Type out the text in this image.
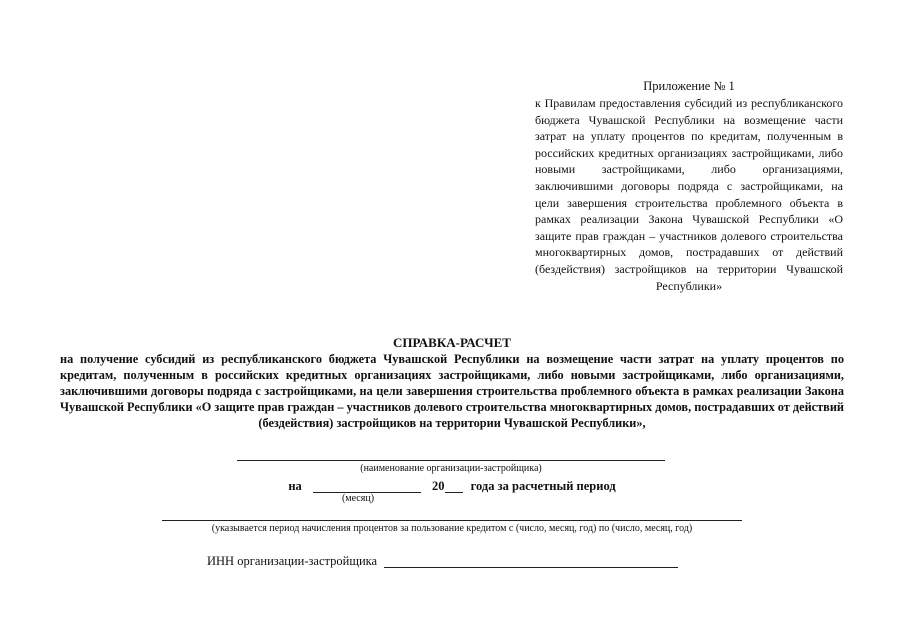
Приложение № 1
к Правилам предоставления субсидий из республиканского бюджета Чувашской Республики на возмещение части затрат на уплату процентов по кредитам, полученным в российских кредитных организациях застройщиками, либо новыми застройщиками, либо организациями, заключившими договоры подряда с застройщиками, на цели завершения строительства проблемного объекта в рамках реализации Закона Чувашской Республики «О защите прав граждан – участников долевого строительства многоквартирных домов, пострадавших от действий (бездействия) застройщиков на территории Чувашской Республики»
СПРАВКА-РАСЧЕТ
на получение субсидий из республиканского бюджета Чувашской Республики на возмещение части затрат на уплату процентов по кредитам, полученным в российских кредитных организациях застройщиками, либо новыми застройщиками, либо организациями, заключившими договоры подряда с застройщиками, на цели завершения строительства проблемного объекта в рамках реализации Закона Чувашской Республики «О защите прав граждан – участников долевого строительства многоквартирных домов, пострадавших от действий (бездействия) застройщиков на территории Чувашской Республики»,
(наименование организации-застройщика)
на	20 года за расчетный период
(месяц)
(указывается период начисления процентов за пользование кредитом с (число, месяц, год) по (число, месяц, год)
ИНН организации-застройщика
